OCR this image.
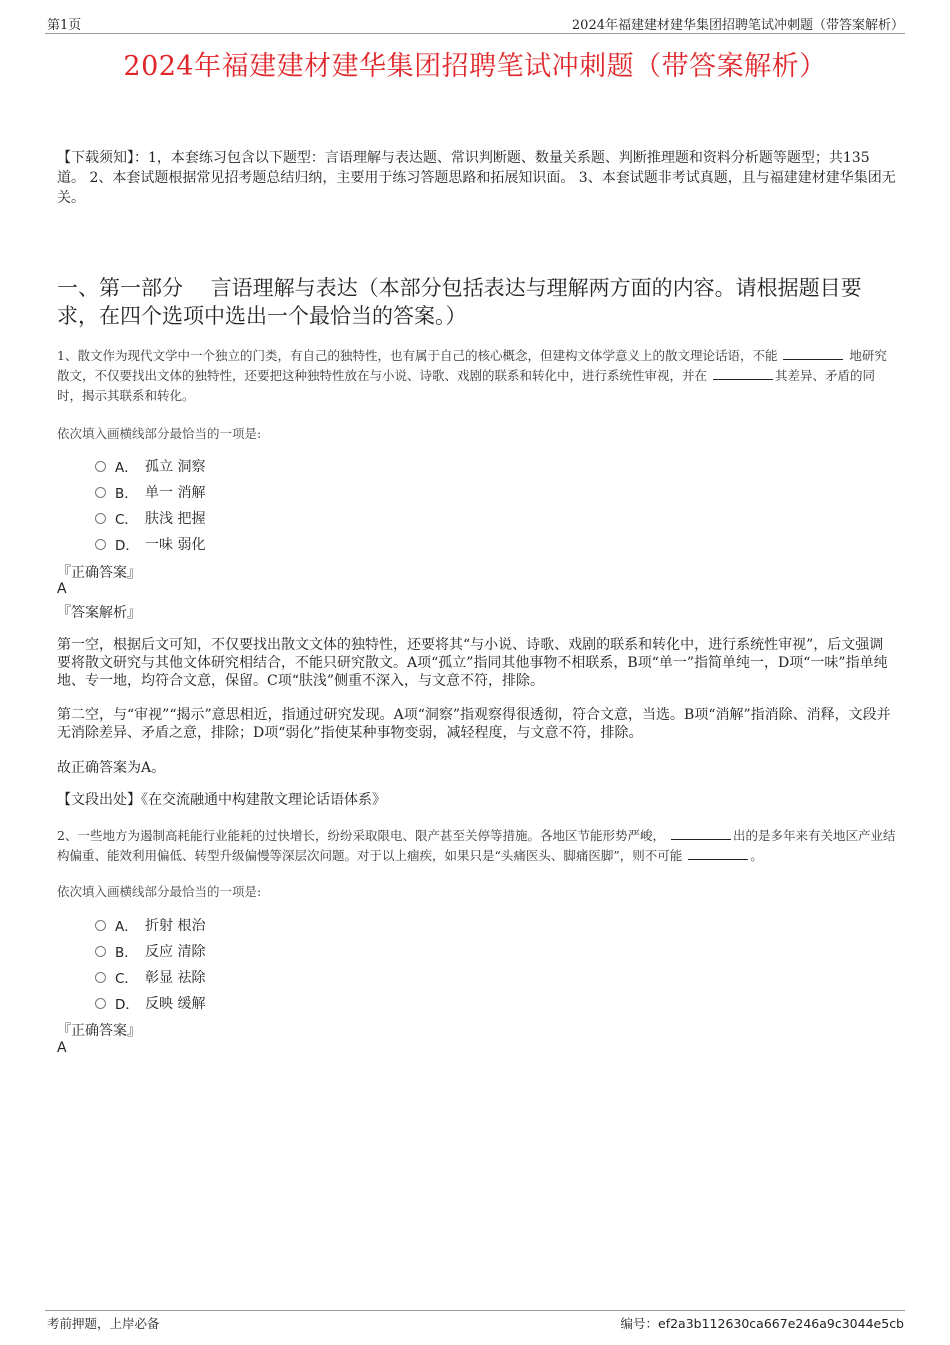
第1页	2024年福建建材建华集团招聘笔试冲刺题（带答案解析）
2024年福建建材建华集团招聘笔试冲刺题（带答案解析）
【下载须知】：1，本套练习包含以下题型：言语理解与表达题、常识判断题、数量关系题、判断推理题和资料分析题等题型；共135道。 2、本套试题根据常见招考题总结归纳，主要用于练习答题思路和拓展知识面。 3、本套试题非考试真题，且与福建建材建华集团无关。
一、第一部分　 言语理解与表达（本部分包括表达与理解两方面的内容。请根据题目要求，在四个选项中选出一个最恰当的答案。）
1、散文作为现代文学中一个独立的门类，有自己的独特性，也有属于自己的核心概念，但建构文体学意义上的散文理论话语，不能	地研究散文，不仅要找出文体的独特性，还要把这种独特性放在与小说、诗歌、戏剧的联系和转化中，进行系统性审视，并在	其差异、矛盾的同时，揭示其联系和转化。
依次填入画横线部分最恰当的一项是:
A． 孤立 洞察
B． 单一 消解
C． 肤浅 把握
D． 一味 弱化
『正确答案』
A
『答案解析』
第一空，根据后文可知，不仅要找出散文文体的独特性，还要将其“与小说、诗歌、戏剧的联系和转化中，进行系统性审视”，后文强调要将散文研究与其他文体研究相结合，不能只研究散文。A项“孤立”指同其他事物不相联系，B项“单一”指简单纯一，D项“一味”指单纯地、专一地，均符合文意，保留。C项“肤浅”侧重不深入，与文意不符，排除。
第二空，与“审视”“揭示”意思相近，指通过研究发现。A项“洞察”指观察得很透彻，符合文意，当选。B项“消解”指消除、消释，文段并无消除差异、矛盾之意，排除；D项“弱化”指使某种事物变弱，减轻程度，与文意不符，排除。
故正确答案为A。
【文段出处】《在交流融通中构建散文理论话语体系》
2、一些地方为遏制高耗能行业能耗的过快增长，纷纷采取限电、限产甚至关停等措施。各地区节能形势严峻，	出的是多年来有关地区产业结构偏重、能效利用偏低、转型升级偏慢等深层次问题。对于以上痼疾，如果只是“头痛医头、脚痛医脚”，则不可能	。
依次填入画横线部分最恰当的一项是:
A． 折射 根治
B． 反应 清除
C． 彰显 祛除
D． 反映 缓解
『正确答案』
A
考前押题，上岸必备	编号：ef2a3b112630ca667e246a9c3044e5cb
